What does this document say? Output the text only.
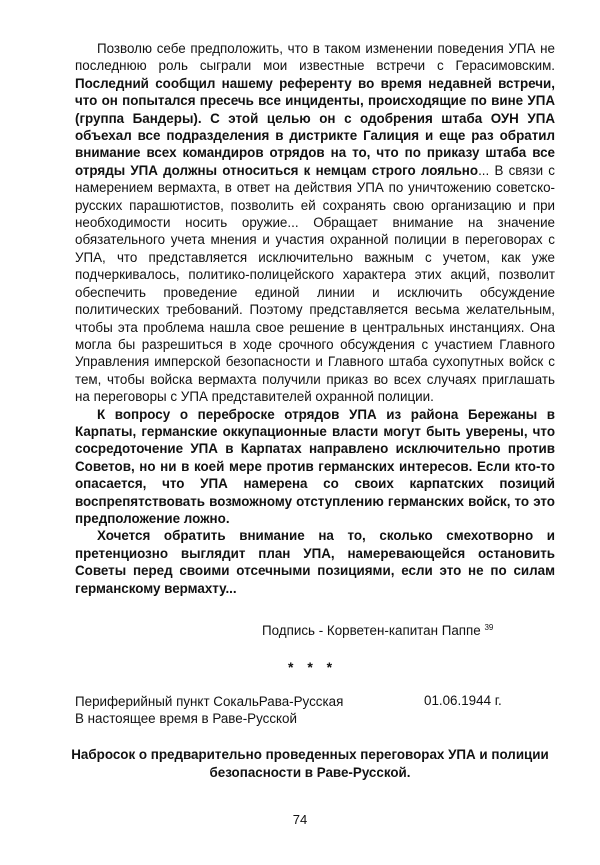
Позволю себе предположить, что в таком изменении поведения УПА не последнюю роль сыграли мои известные встречи с Герасимовским. Последний сообщил нашему референту во время недавней встречи, что он попытался пресечь все инциденты, происходящие по вине УПА (группа Бандеры). С этой целью он с одобрения штаба ОУН УПА объехал все подразделения в дистрикте Галиция и еще раз обратил внимание всех командиров отрядов на то, что по приказу штаба все отряды УПА должны относиться к немцам строго лояльно... В связи с намерением вермахта, в ответ на действия УПА по уничтожению советско-русских парашютистов, позволить ей сохранять свою организацию и при необходимости носить оружие... Обращает внимание на значение обязательного учета мнения и участия охранной полиции в переговорах с УПА, что представляется исключительно важным с учетом, как уже подчеркивалось, политико-полицейского характера этих акций, позволит обеспечить проведение единой линии и исключить обсуждение политических требований. Поэтому представляется весьма желательным, чтобы эта проблема нашла свое решение в центральных инстанциях. Она могла бы разрешиться в ходе срочного обсуждения с участием Главного Управления имперской безопасности и Главного штаба сухопутных войск с тем, чтобы войска вермахта получили приказ во всех случаях приглашать на переговоры с УПА представителей охранной полиции.

К вопросу о переброске отрядов УПА из района Бережаны в Карпаты, германские оккупационные власти могут быть уверены, что сосредоточение УПА в Карпатах направлено исключительно против Советов, но ни в коей мере против германских интересов. Если кто-то опасается, что УПА намерена со своих карпатских позиций воспрепятствовать возможному отступлению германских войск, то это предположение ложно.

Хочется обратить внимание на то, сколько смехотворно и претенциозно выглядит план УПА, намеревающейся остановить Советы перед своими отсечными позициями, если это не по силам германскому вермахту...

Подпись - Корветен-капитан Паппе $^{39}$
* * *
Периферийный пункт СокальРава-Русская
В настоящее время в Раве-Русской
01.06.1944 г.
Набросок о предварительно проведенных переговорах УПА и полиции безопасности в Раве-Русской.
74
